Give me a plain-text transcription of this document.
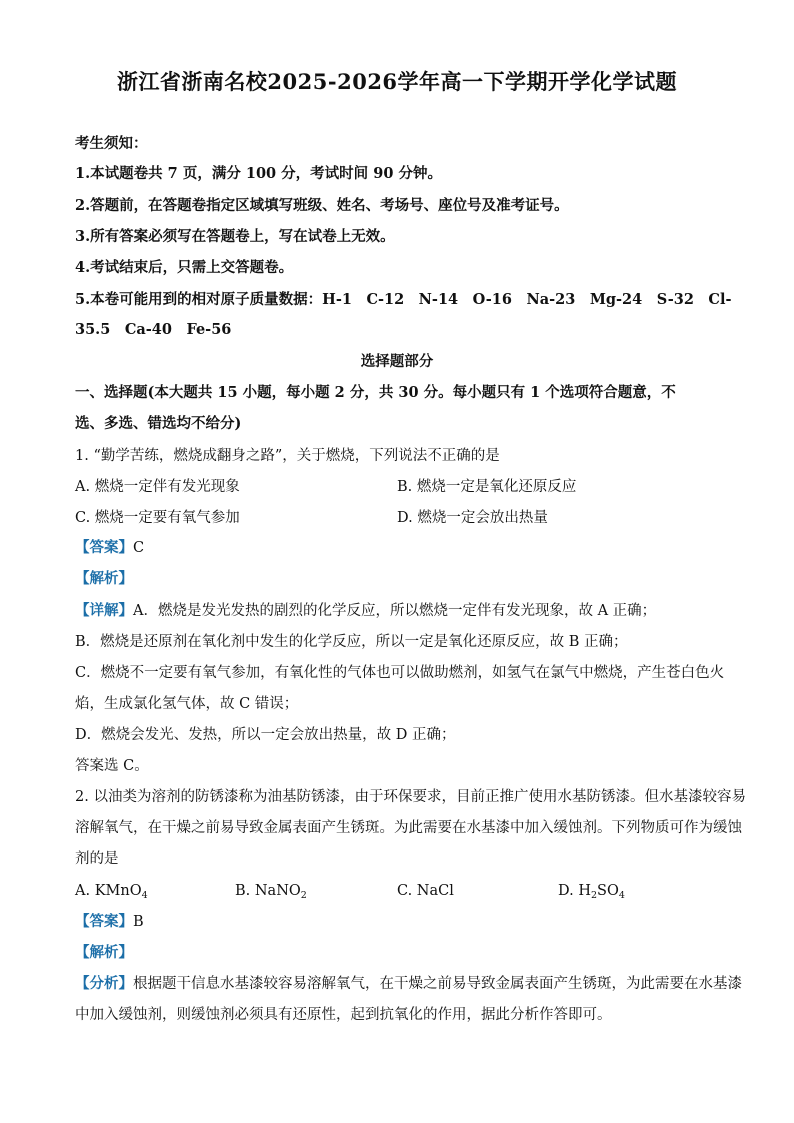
浙江省浙南名校2025-2026学年高一下学期开学化学试题
考生须知：
1.本试题卷共 7 页，满分 100 分，考试时间 90 分钟。
2.答题前，在答题卷指定区域填写班级、姓名、考场号、座位号及准考证号。
3.所有答案必须写在答题卷上，写在试卷上无效。
4.考试结束后，只需上交答题卷。
5.本卷可能用到的相对原子质量数据：H-1　C-12　N-14　O-16　Na-23　Mg-24　S-32　Cl-
35.5　Ca-40　Fe-56
选择题部分
一、选择题(本大题共 15 小题，每小题 2 分，共 30 分。每小题只有 1 个选项符合题意，不
选、多选、错选均不给分)
1. “勤学苦练，燃烧成翻身之路”，关于燃烧，下列说法不正确的是
A. 燃烧一定伴有发光现象	B. 燃烧一定是氧化还原反应
C. 燃烧一定要有氧气参加	D. 燃烧一定会放出热量
【答案】C
【解析】
【详解】A．燃烧是发光发热的剧烈的化学反应，所以燃烧一定伴有发光现象，故 A 正确；
B．燃烧是还原剂在氧化剂中发生的化学反应，所以一定是氧化还原反应，故 B 正确；
C．燃烧不一定要有氧气参加，有氧化性的气体也可以做助燃剂，如氢气在氯气中燃烧，产生苍白色火
焰，生成氯化氢气体，故 C 错误；
D．燃烧会发光、发热，所以一定会放出热量，故 D 正确；
答案选 C。
2. 以油类为溶剂的防锈漆称为油基防锈漆，由于环保要求，目前正推广使用水基防锈漆。但水基漆较容易
溶解氧气，在干燥之前易导致金属表面产生锈斑。为此需要在水基漆中加入缓蚀剂。下列物质可作为缓蚀
剂的是
A. KMnO$_4$	B. NaNO$_2$	C. NaCl	D. $H_2SO_4$
【答案】B
【解析】
【分析】根据题干信息水基漆较容易溶解氧气，在干燥之前易导致金属表面产生锈斑，为此需要在水基漆
中加入缓蚀剂，则缓蚀剂必须具有还原性，起到抗氧化的作用，据此分析作答即可。
